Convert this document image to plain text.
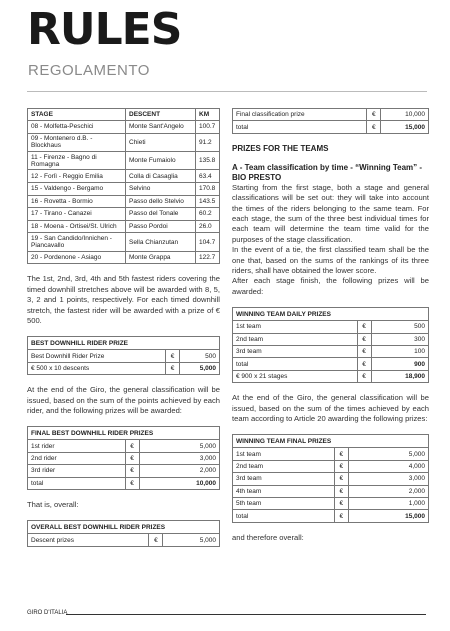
RULES
REGOLAMENTO
STAGE	DESCENT	KM
08 - Molfetta-Peschici	Monte Sant'Angelo	100.7
09 - Montenero d.B. - Blockhaus	Chieti	91.2
11 - Firenze - Bagno di Romagna	Monte Fumaiolo	135.8
12 - Forlì - Reggio Emilia	Colla di Casaglia	63.4
15 - Valdengo - Bergamo	Selvino	170.8
16 - Rovetta - Bormio	Passo dello Stelvio	143.5
17 - Tirano - Canazei	Passo del Tonale	60.2
18 - Moena - Ortisei/St. Ulrich	Passo Pordoi	26.0
19 - San Candido/Innichen - Piancavallo	Sella Chianzutan	104.7
20 - Pordenone - Asiago	Monte Grappa	122.7

The 1st, 2nd, 3rd, 4th and 5th fastest riders covering the timed downhill stretches above will be awarded with 8, 5, 3, 2 and 1 points, respectively. For each timed downhill stretch, the fastest rider will be awarded with a prize of € 500.

BEST DOWNHILL RIDER PRIZE		
Best Downhill Rider Prize	€	500
€ 500 x 10 descents	€	5,000

At the end of the Giro, the general classification will be issued, based on the sum of the points achieved by each rider, and the following prizes will be awarded:

FINAL BEST DOWNHILL RIDER PRIZES		
1st rider	€	5,000
2nd rider	€	3,000
3rd rider	€	2,000
total	€	10,000

That is, overall:

OVERALL BEST DOWNHILL RIDER PRIZES
Descent prizes	€	5,000
Final classification prize	€	10,000
total	€	15,000
PRIZES FOR THE TEAMS
A - Team classification by time - “Winning Team” - BIO PRESTO

Starting from the first stage, both a stage and general classifications will be set out: they will take into account the times of the riders belonging to the same team. For each stage, the sum of the three best individual times for each team will determine the team time valid for the purposes of the stage classification.

In the event of a tie, the first classified team shall be the one that, based on the sums of the rankings of its three riders, shall have obtained the lower score.

After each stage finish, the following prizes will be awarded:

WINNING TEAM DAILY PRIZES		
1st team	€	500
2nd team	€	300
3rd team	€	100
total	€	900
€ 900 x 21 stages	€	18,900

At the end of the Giro, the general classification will be issued, based on the sum of the times achieved by each team according to Article 20 awarding the following prizes:

WINNING TEAM FINAL PRIZES		
1st team	€	5,000
2nd team	€	4,000
3rd team	€	3,000
4th team	€	2,000
5th team	€	1,000
total	€	15,000

and therefore overall:

GIRO D'ITALIA
